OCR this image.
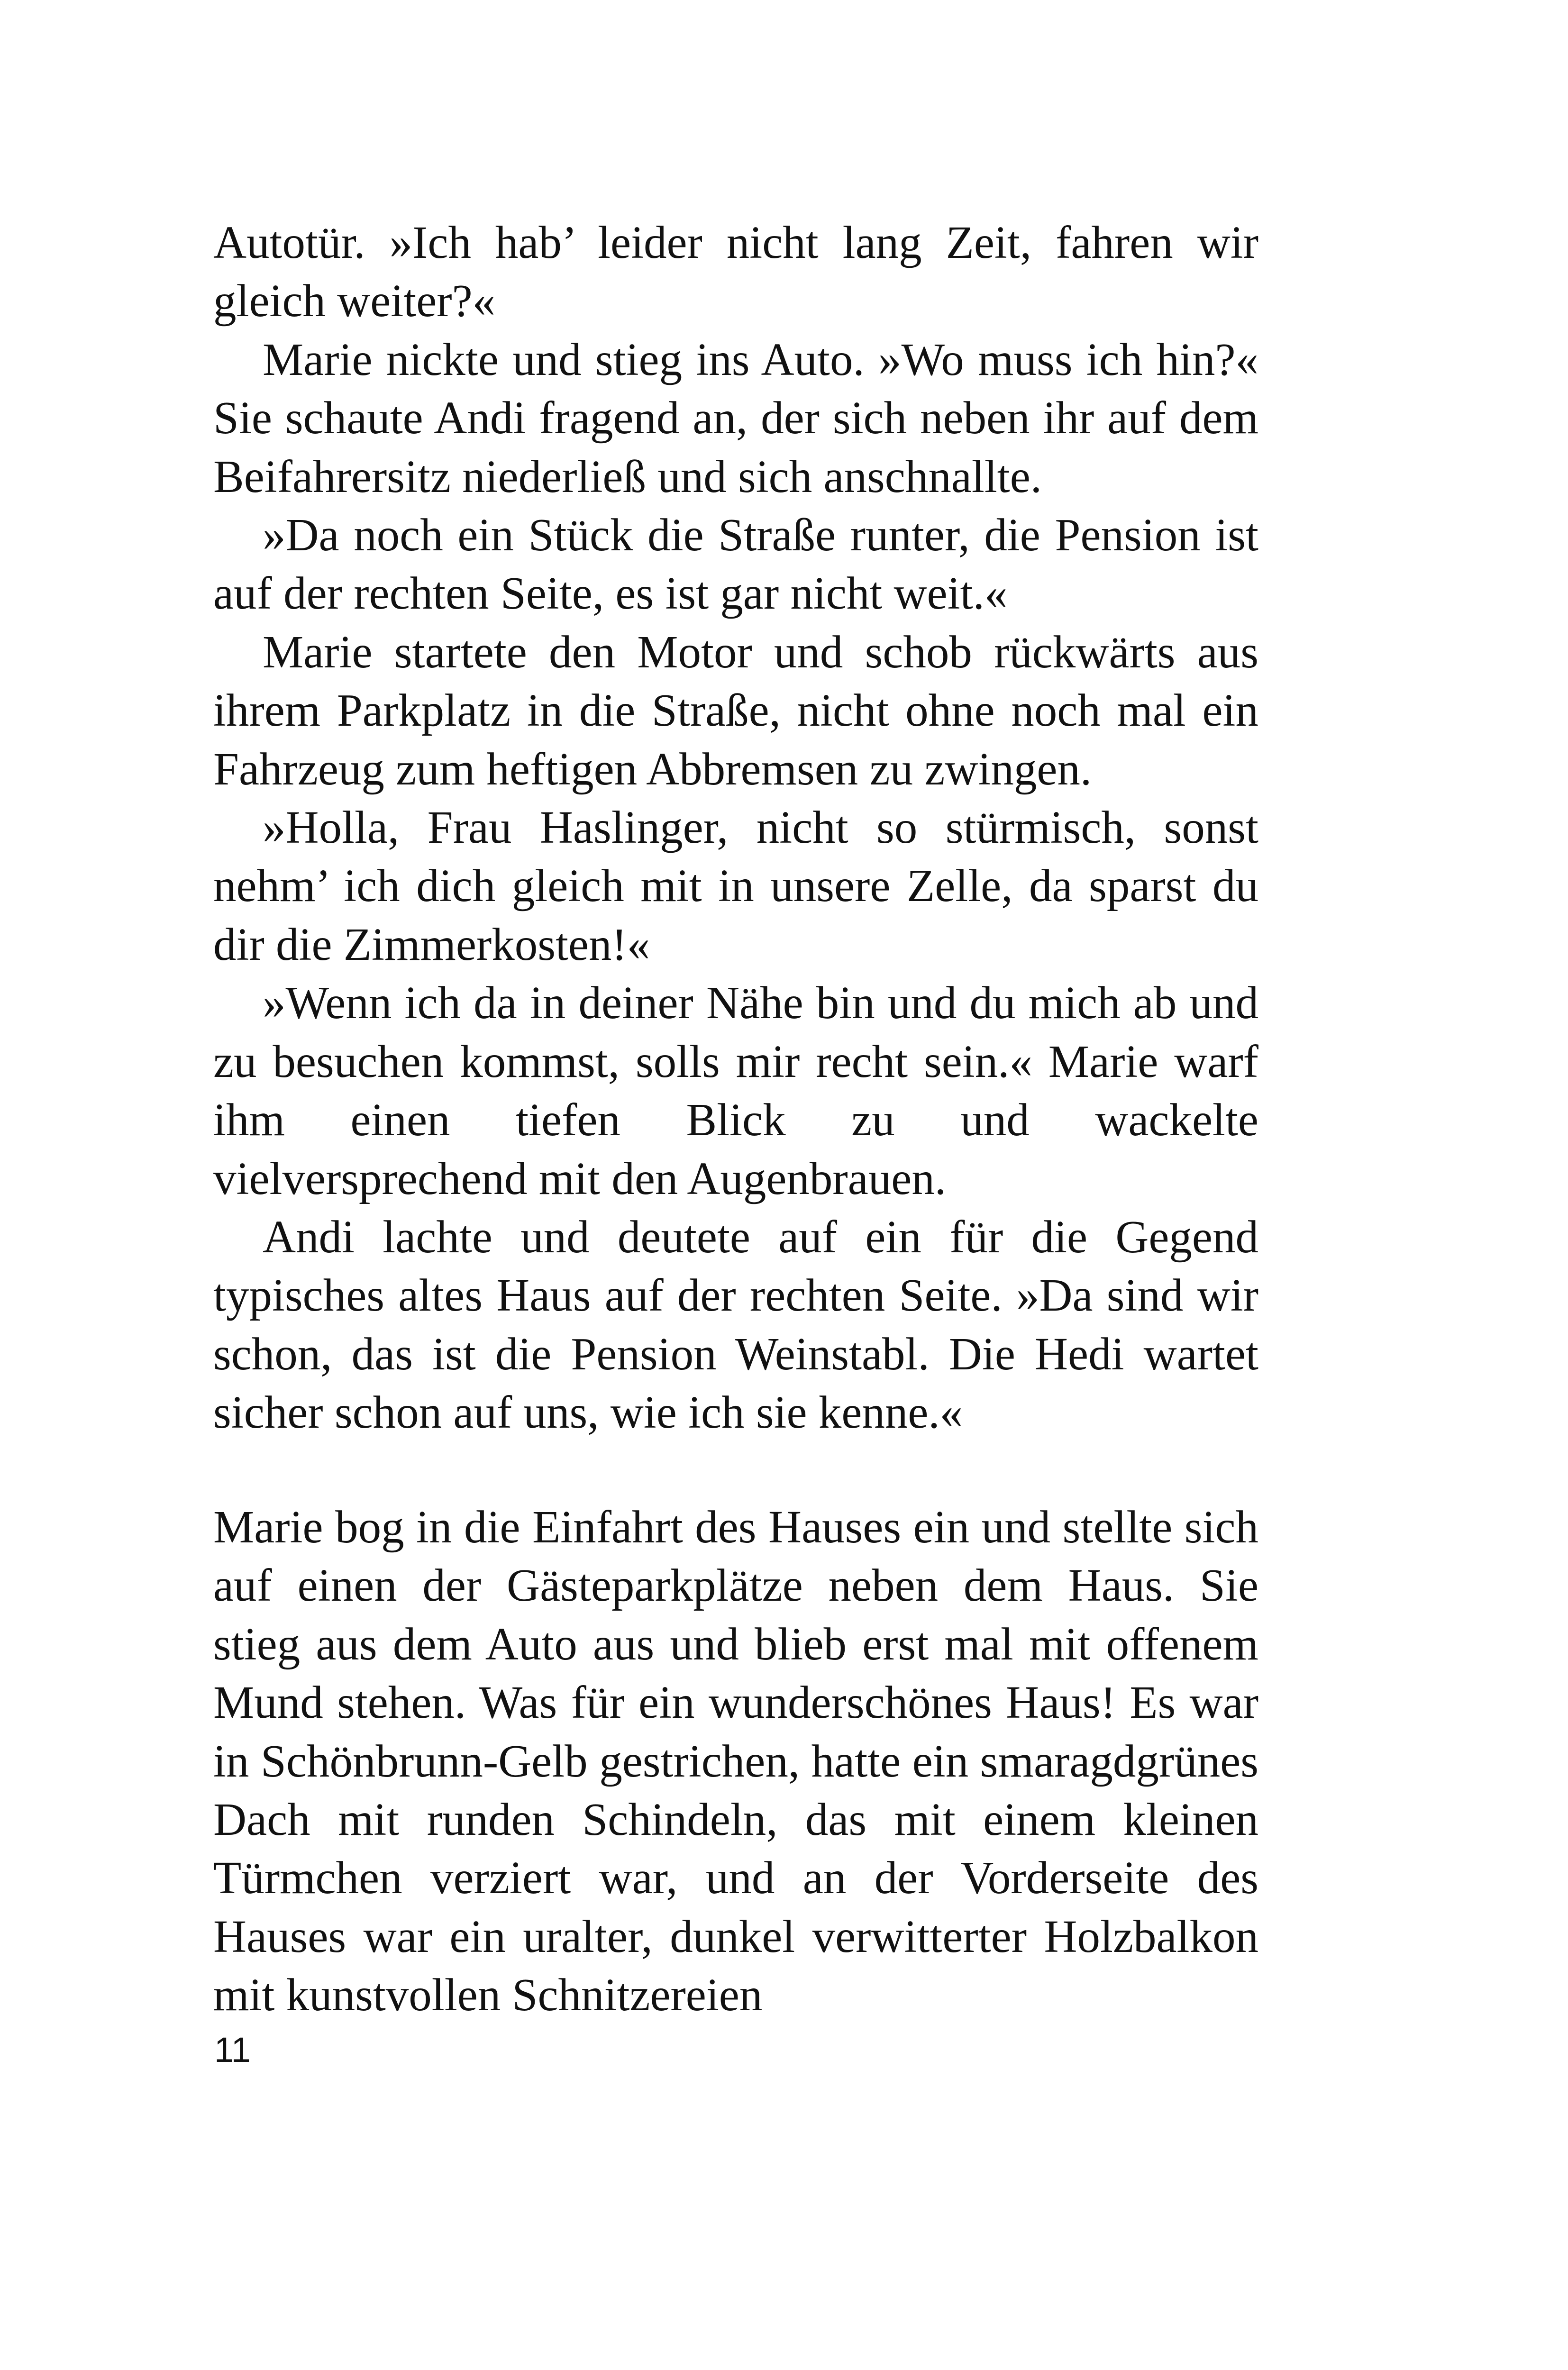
Autotür. »Ich hab’ leider nicht lang Zeit, fahren wir gleich weiter?«

Marie nickte und stieg ins Auto. »Wo muss ich hin?« Sie schaute Andi fragend an, der sich neben ihr auf dem Beifahrersitz niederließ und sich anschnallte.

»Da noch ein Stück die Straße runter, die Pension ist auf der rechten Seite, es ist gar nicht weit.«

Marie startete den Motor und schob rückwärts aus ihrem Parkplatz in die Straße, nicht ohne noch mal ein Fahrzeug zum heftigen Abbremsen zu zwingen.

»Holla, Frau Haslinger, nicht so stürmisch, sonst nehm’ ich dich gleich mit in unsere Zelle, da sparst du dir die Zimmerkosten!«

»Wenn ich da in deiner Nähe bin und du mich ab und zu besuchen kommst, solls mir recht sein.« Marie warf ihm einen tiefen Blick zu und wackelte vielversprechend mit den Augenbrauen.

Andi lachte und deutete auf ein für die Gegend typisches altes Haus auf der rechten Seite. »Da sind wir schon, das ist die Pension Weinstabl. Die Hedi wartet sicher schon auf uns, wie ich sie kenne.«

Marie bog in die Einfahrt des Hauses ein und stellte sich auf einen der Gästeparkplätze neben dem Haus. Sie stieg aus dem Auto aus und blieb erst mal mit offenem Mund stehen. Was für ein wunderschönes Haus! Es war in Schönbrunn-Gelb gestrichen, hatte ein smaragdgrünes Dach mit runden Schindeln, das mit einem kleinen Türmchen verziert war, und an der Vorderseite des Hauses war ein uralter, dunkel verwitterter Holzbalkon mit kunstvollen Schnitzereien

11
